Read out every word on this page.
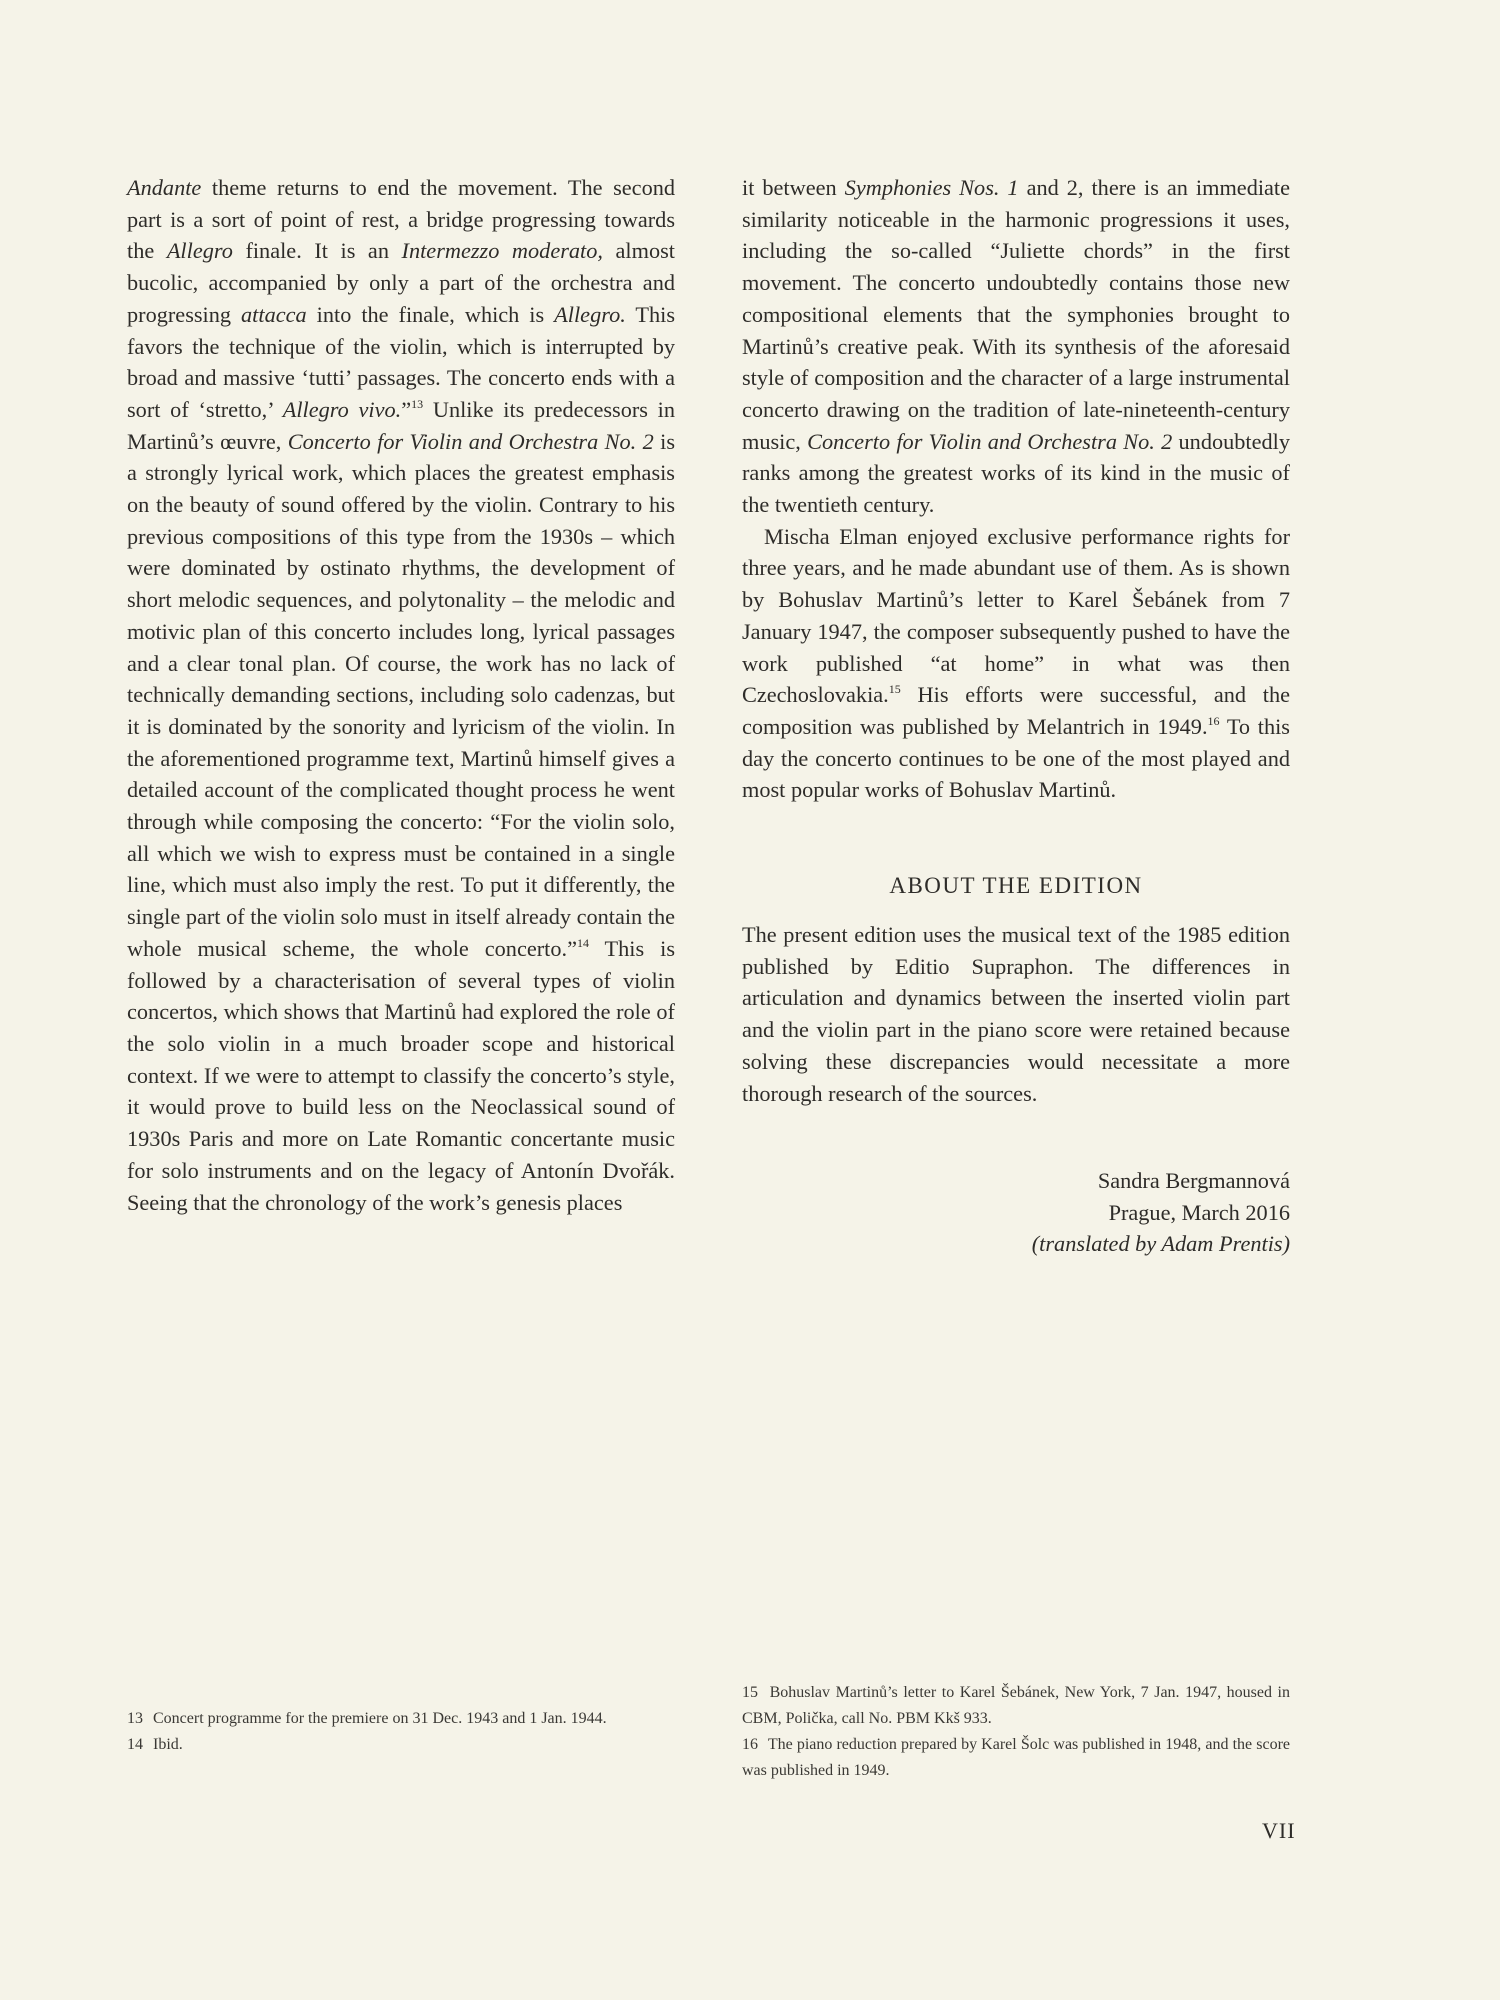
Andante theme returns to end the movement. The second part is a sort of point of rest, a bridge progressing towards the Allegro finale. It is an Intermezzo moderato, almost bucolic, accompanied by only a part of the orchestra and progressing attacca into the finale, which is Allegro. This favors the technique of the violin, which is interrupted by broad and massive ‘tutti’ passages. The concerto ends with a sort of ‘stretto,’ Allegro vivo.”$^{13}$ Unlike its predecessors in Martinů’s œuvre, Concerto for Violin and Orchestra No. 2 is a strongly lyrical work, which places the greatest emphasis on the beauty of sound offered by the violin. Contrary to his previous compositions of this type from the 1930s – which were dominated by ostinato rhythms, the development of short melodic sequences, and polytonality – the melodic and motivic plan of this concerto includes long, lyrical passages and a clear tonal plan. Of course, the work has no lack of technically demanding sections, including solo cadenzas, but it is dominated by the sonority and lyricism of the violin. In the aforementioned programme text, Martinů himself gives a detailed account of the complicated thought process he went through while composing the concerto: “For the violin solo, all which we wish to express must be contained in a single line, which must also imply the rest. To put it differently, the single part of the violin solo must in itself already contain the whole musical scheme, the whole concerto.”$^{14}$ This is followed by a characterisation of several types of violin concertos, which shows that Martinů had explored the role of the solo violin in a much broader scope and historical context. If we were to attempt to classify the concerto’s style, it would prove to build less on the Neoclassical sound of 1930s Paris and more on Late Romantic concertante music for solo instruments and on the legacy of Antonín Dvořák. Seeing that the chronology of the work’s genesis places

it between Symphonies Nos. 1 and 2, there is an immediate similarity noticeable in the harmonic progressions it uses, including the so-called “Juliette chords” in the first movement. The concerto undoubtedly contains those new compositional elements that the symphonies brought to Martinů’s creative peak. With its synthesis of the aforesaid style of composition and the character of a large instrumental concerto drawing on the tradition of late-nineteenth-century music, Concerto for Violin and Orchestra No. 2 undoubtedly ranks among the greatest works of its kind in the music of the twentieth century.

Mischa Elman enjoyed exclusive performance rights for three years, and he made abundant use of them. As is shown by Bohuslav Martinů’s letter to Karel Šebánek from 7 January 1947, the composer subsequently pushed to have the work published “at home” in what was then Czechoslovakia.$^{15}$ His efforts were successful, and the composition was published by Melantrich in 1949.16 To this day the concerto continues to be one of the most played and most popular works of Bohuslav Martinů.

ABOUT THE EDITION

The present edition uses the musical text of the 1985 edition published by Editio Supraphon. The differences in articulation and dynamics between the inserted violin part and the violin part in the piano score were retained because solving these discrepancies would necessitate a more thorough research of the sources.

Sandra Bergmannová
Prague, March 2016
(translated by Adam Prentis)

13 Concert programme for the premiere on 31 Dec. 1943 and 1 Jan. 1944.

14 Ibid.

15 Bohuslav Martinů’s letter to Karel Šebánek, New York, 7 Jan. 1947, housed in CBM, Polička, call No. PBM Kkš 933.

16 The piano reduction prepared by Karel Šolc was published in 1948, and the score was published in 1949.

VII
